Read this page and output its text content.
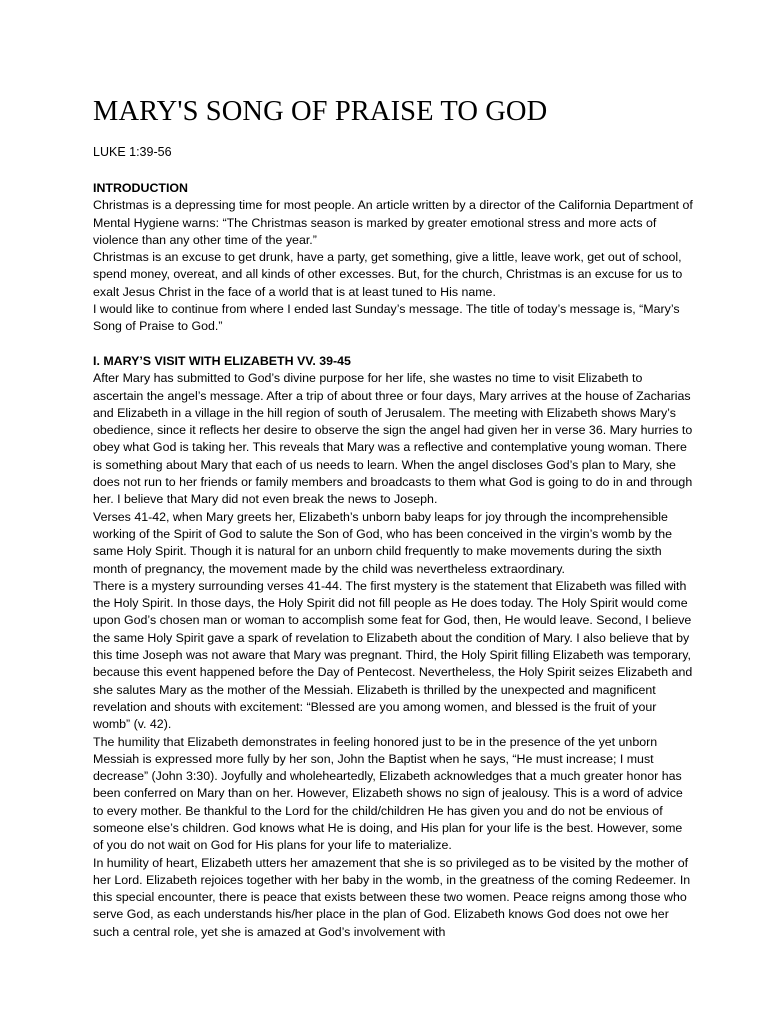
MARY'S SONG OF PRAISE TO GOD
LUKE 1:39-56
INTRODUCTION

Christmas is a depressing time for most people. An article written by a director of the California Department of Mental Hygiene warns: “The Christmas season is marked by greater emotional stress and more acts of violence than any other time of the year.”

Christmas is an excuse to get drunk, have a party, get something, give a little, leave work, get out of school, spend money, overeat, and all kinds of other excesses. But, for the church, Christmas is an excuse for us to exalt Jesus Christ in the face of a world that is at least tuned to His name.

I would like to continue from where I ended last Sunday’s message. The title of today’s message is, “Mary’s Song of Praise to God.”

I. MARY’S VISIT WITH ELIZABETH VV. 39-45

After Mary has submitted to God’s divine purpose for her life, she wastes no time to visit Elizabeth to ascertain the angel’s message. After a trip of about three or four days, Mary arrives at the house of Zacharias and Elizabeth in a village in the hill region of south of Jerusalem. The meeting with Elizabeth shows Mary’s obedience, since it reflects her desire to observe the sign the angel had given her in verse 36. Mary hurries to obey what God is taking her. This reveals that Mary was a reflective and contemplative young woman. There is something about Mary that each of us needs to learn. When the angel discloses God’s plan to Mary, she does not run to her friends or family members and broadcasts to them what God is going to do in and through her. I believe that Mary did not even break the news to Joseph.

Verses 41-42, when Mary greets her, Elizabeth’s unborn baby leaps for joy through the incomprehensible working of the Spirit of God to salute the Son of God, who has been conceived in the virgin’s womb by the same Holy Spirit. Though it is natural for an unborn child frequently to make movements during the sixth month of pregnancy, the movement made by the child was nevertheless extraordinary.

There is a mystery surrounding verses 41-44. The first mystery is the statement that Elizabeth was filled with the Holy Spirit. In those days, the Holy Spirit did not fill people as He does today. The Holy Spirit would come upon God’s chosen man or woman to accomplish some feat for God, then, He would leave. Second, I believe the same Holy Spirit gave a spark of revelation to Elizabeth about the condition of Mary. I also believe that by this time Joseph was not aware that Mary was pregnant. Third, the Holy Spirit filling Elizabeth was temporary, because this event happened before the Day of Pentecost. Nevertheless, the Holy Spirit seizes Elizabeth and she salutes Mary as the mother of the Messiah. Elizabeth is thrilled by the unexpected and magnificent revelation and shouts with excitement: “Blessed are you among women, and blessed is the fruit of your womb” (v. 42).

The humility that Elizabeth demonstrates in feeling honored just to be in the presence of the yet unborn Messiah is expressed more fully by her son, John the Baptist when he says, “He must increase; I must decrease” (John 3:30). Joyfully and wholeheartedly, Elizabeth acknowledges that a much greater honor has been conferred on Mary than on her. However, Elizabeth shows no sign of jealousy. This is a word of advice to every mother. Be thankful to the Lord for the child/children He has given you and do not be envious of someone else’s children. God knows what He is doing, and His plan for your life is the best. However, some of you do not wait on God for His plans for your life to materialize.

In humility of heart, Elizabeth utters her amazement that she is so privileged as to be visited by the mother of her Lord. Elizabeth rejoices together with her baby in the womb, in the greatness of the coming Redeemer. In this special encounter, there is peace that exists between these two women. Peace reigns among those who serve God, as each understands his/her place in the plan of God. Elizabeth knows God does not owe her such a central role, yet she is amazed at God’s involvement with
